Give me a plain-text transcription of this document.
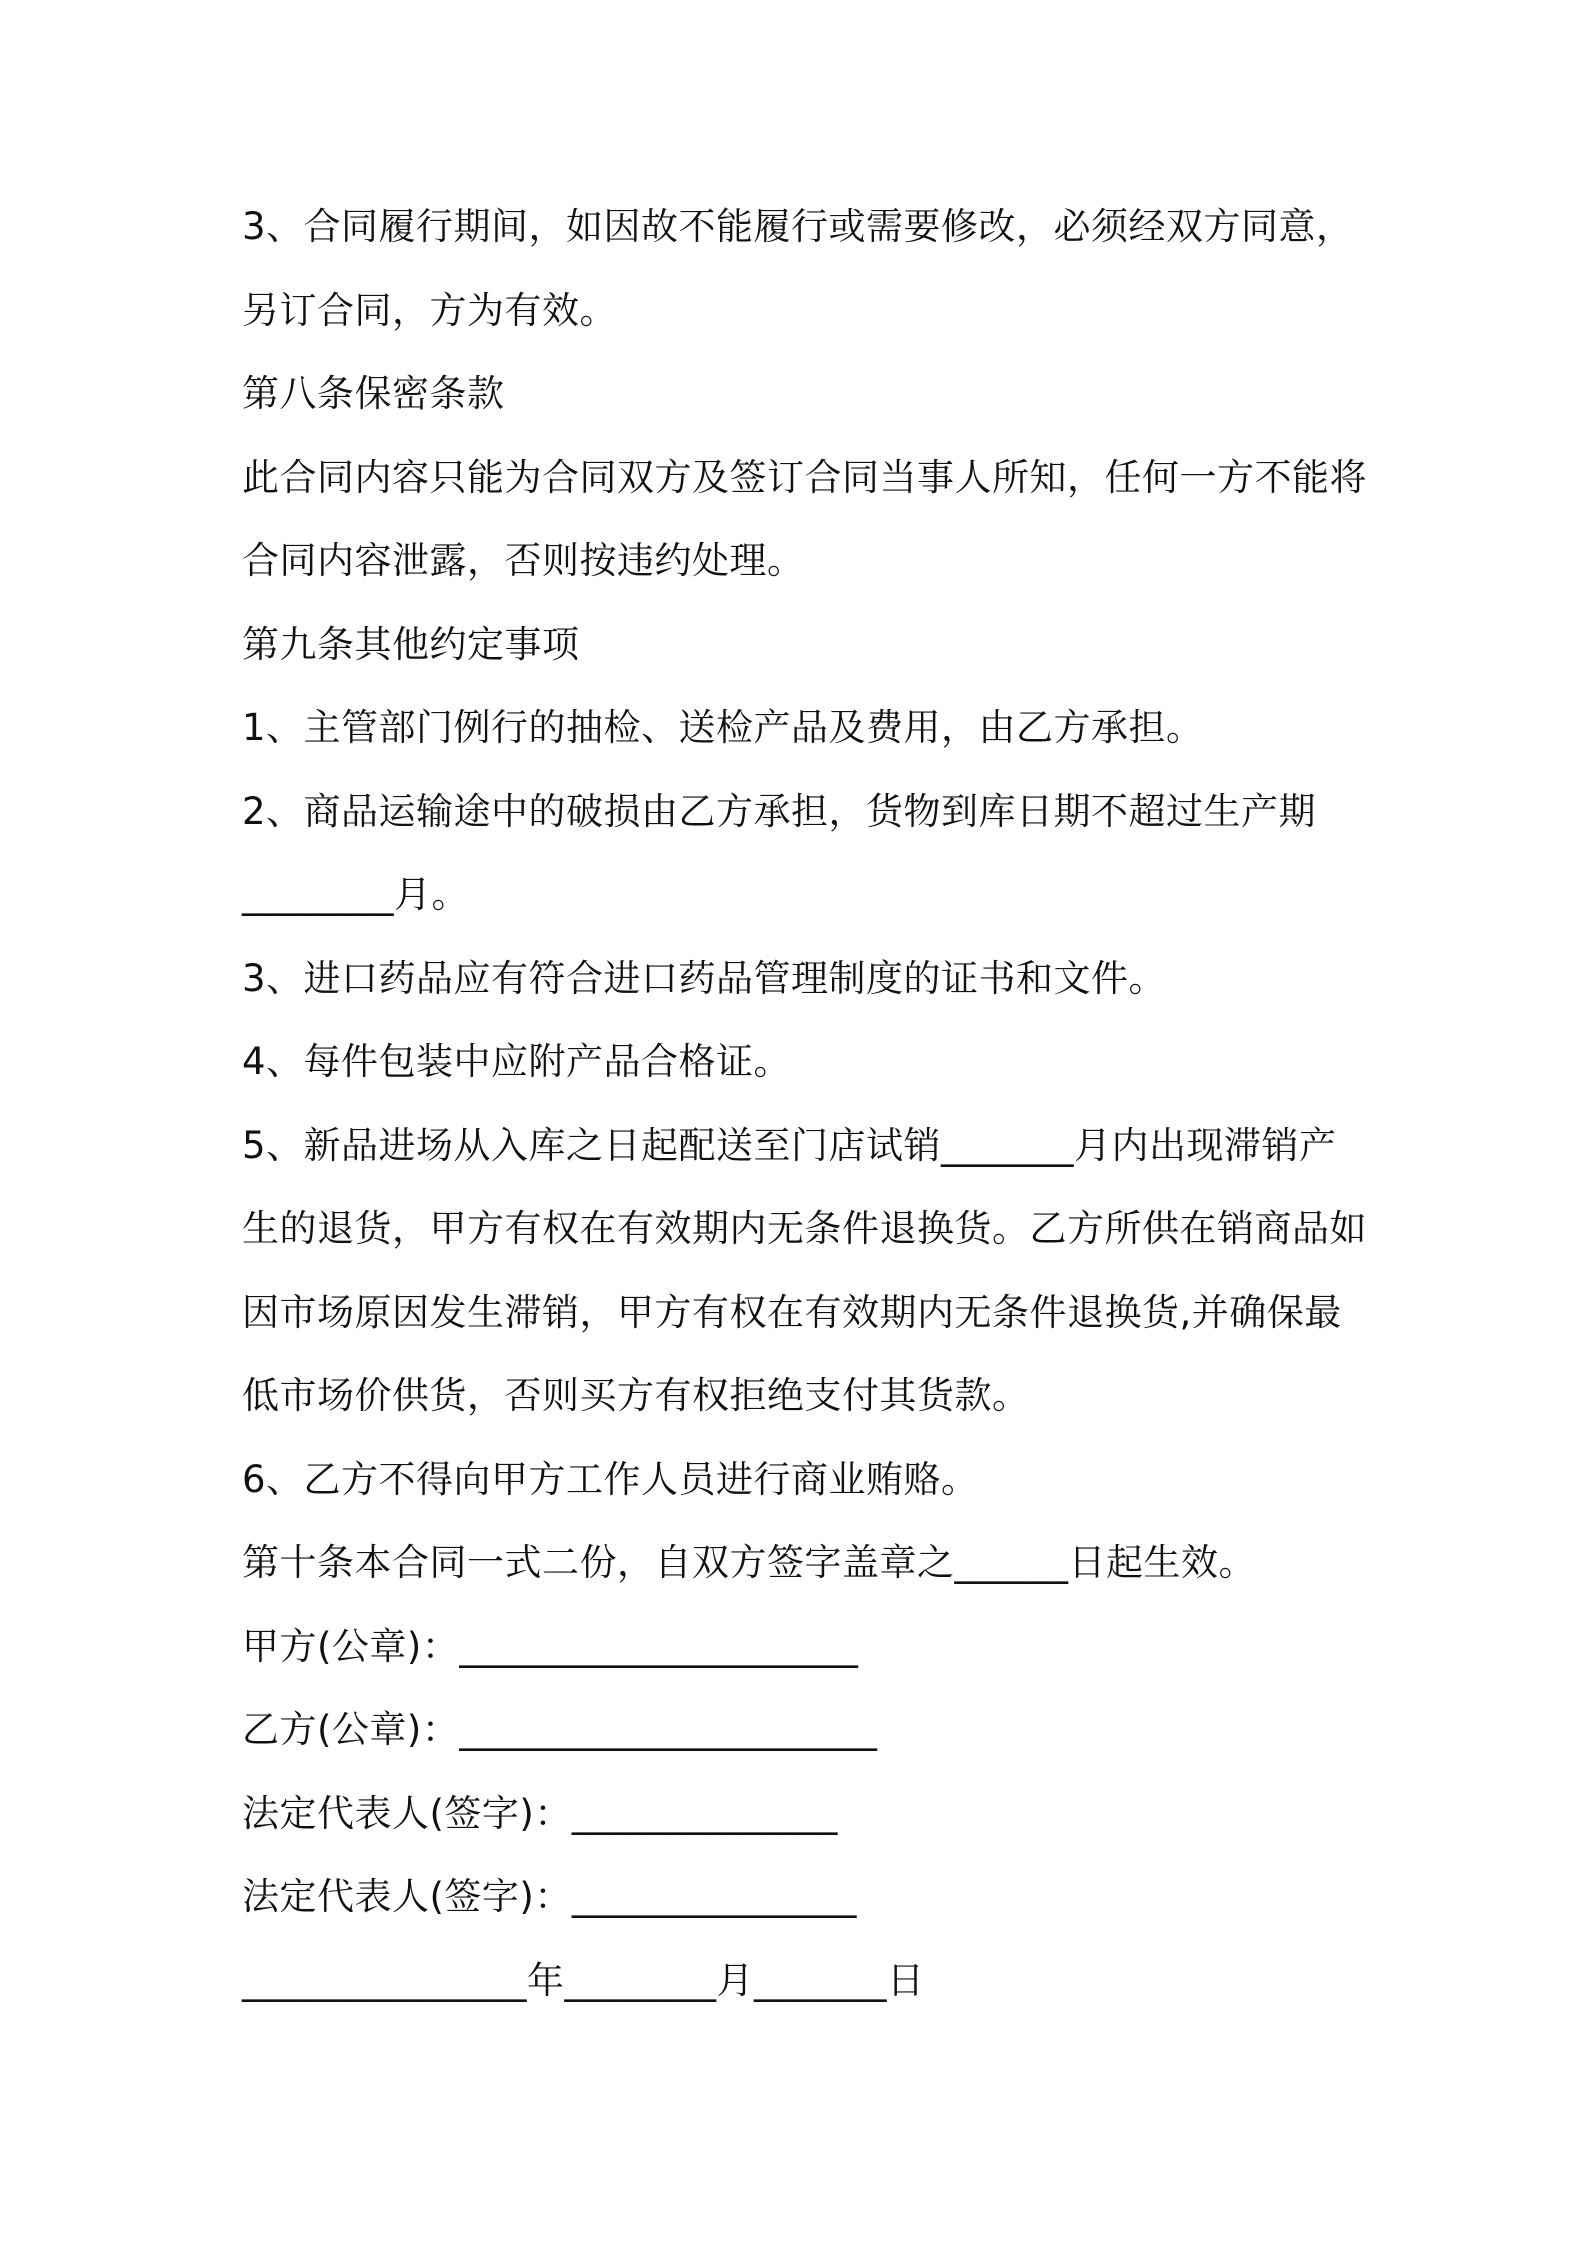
3、合同履行期间，如因故不能履行或需要修改，必须经双方同意，
另订合同，方为有效。
第八条保密条款
此合同内容只能为合同双方及签订合同当事人所知，任何一方不能将
合同内容泄露，否则按违约处理。
第九条其他约定事项
1、主管部门例行的抽检、送检产品及费用，由乙方承担。
2、商品运输途中的破损由乙方承担，货物到库日期不超过生产期
________月。
3、进口药品应有符合进口药品管理制度的证书和文件。
4、每件包装中应附产品合格证。
5、新品进场从入库之日起配送至门店试销_______月内出现滞销产
生的退货，甲方有权在有效期内无条件退换货。乙方所供在销商品如
因市场原因发生滞销，甲方有权在有效期内无条件退换货,并确保最
低市场价供货，否则买方有权拒绝支付其货款。
6、乙方不得向甲方工作人员进行商业贿赂。
第十条本合同一式二份，自双方签字盖章之______日起生效。
甲方(公章)：_____________________
乙方(公章)：______________________
法定代表人(签字)：______________
法定代表人(签字)：_______________
_______________年________月_______日
